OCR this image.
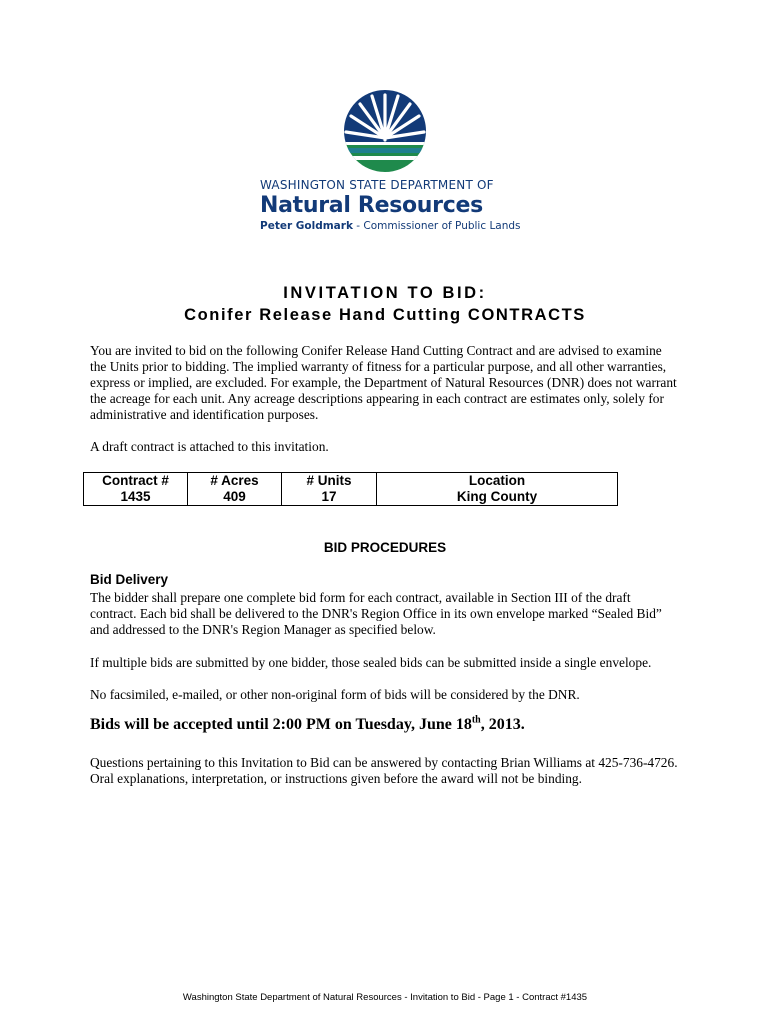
WASHINGTON STATE DEPARTMENT OF
Natural Resources
Peter Goldmark - Commissioner of Public Lands
INVITATION TO BID:
Conifer Release Hand Cutting CONTRACTS
You are invited to bid on the following Conifer Release Hand Cutting Contract and are advised to examine the Units prior to bidding. The implied warranty of fitness for a particular purpose, and all other warranties, express or implied, are excluded. For example, the Department of Natural Resources (DNR) does not warrant the acreage for each unit. Any acreage descriptions appearing in each contract are estimates only, solely for administrative and identification purposes.
A draft contract is attached to this invitation.
Contract #	# Acres	# Units	Location
1435	409	17	King County
BID PROCEDURES
Bid Delivery
The bidder shall prepare one complete bid form for each contract, available in Section III of the draft contract. Each bid shall be delivered to the DNR's Region Office in its own envelope marked “Sealed Bid” and addressed to the DNR's Region Manager as specified below.
If multiple bids are submitted by one bidder, those sealed bids can be submitted inside a single envelope.
No facsimiled, e-mailed, or other non-original form of bids will be considered by the DNR.
Bids will be accepted until 2:00 PM on Tuesday, June 18th, 2013.
Questions pertaining to this Invitation to Bid can be answered by contacting Brian Williams at 425-736-4726. Oral explanations, interpretation, or instructions given before the award will not be binding.
Washington State Department of Natural Resources - Invitation to Bid - Page 1 - Contract #1435
